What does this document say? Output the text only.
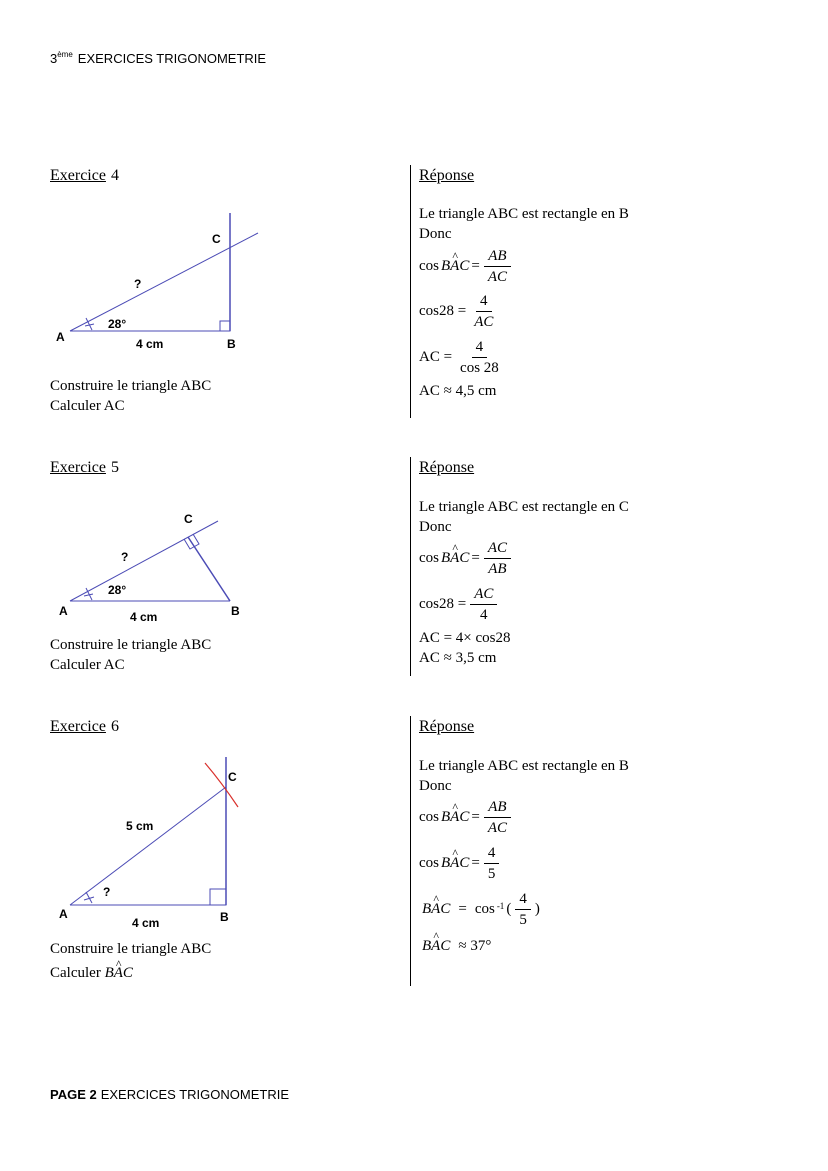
3ème EXERCICES TRIGONOMETRIE
Exercice 4
A	B
C
28°
4 cm
?
Construire le triangle ABC
Calculer AC
Réponse
Le triangle ABC est rectangle en B
Donc
cos ^ BAC = $\frac{AB}{AC}$
$\cos 28 = \frac{4}{AC}$
AC = $\frac{4}{\cos 28}$
AC ≈ 4,5 cm
Exercice 5
A	B
C
28°
4 cm
?
Construire le triangle ABC
Calculer AC
Réponse
Le triangle ABC est rectangle en C
Donc
cos ^ BAC = $\frac{AC}{AB}$
$\cos 28 = \frac{AC}{4}$
AC = 4× cos28
AC ≈ 3,5 cm
Exercice 6
A	B
C
5 cm
4 cm
?
Construire le triangle ABC
Calculer ^ BAC
Réponse
Le triangle ABC est rectangle en B
Donc
cos ^ BAC = $\frac{AB}{AC}$
cos ^ BAC = $\frac{4}{5}$
^ BAC = $\cos^{-1}$ ( $\frac{4}{5}$ )
^ BAC ≈ 37°
PAGE 2 EXERCICES TRIGONOMETRIE
